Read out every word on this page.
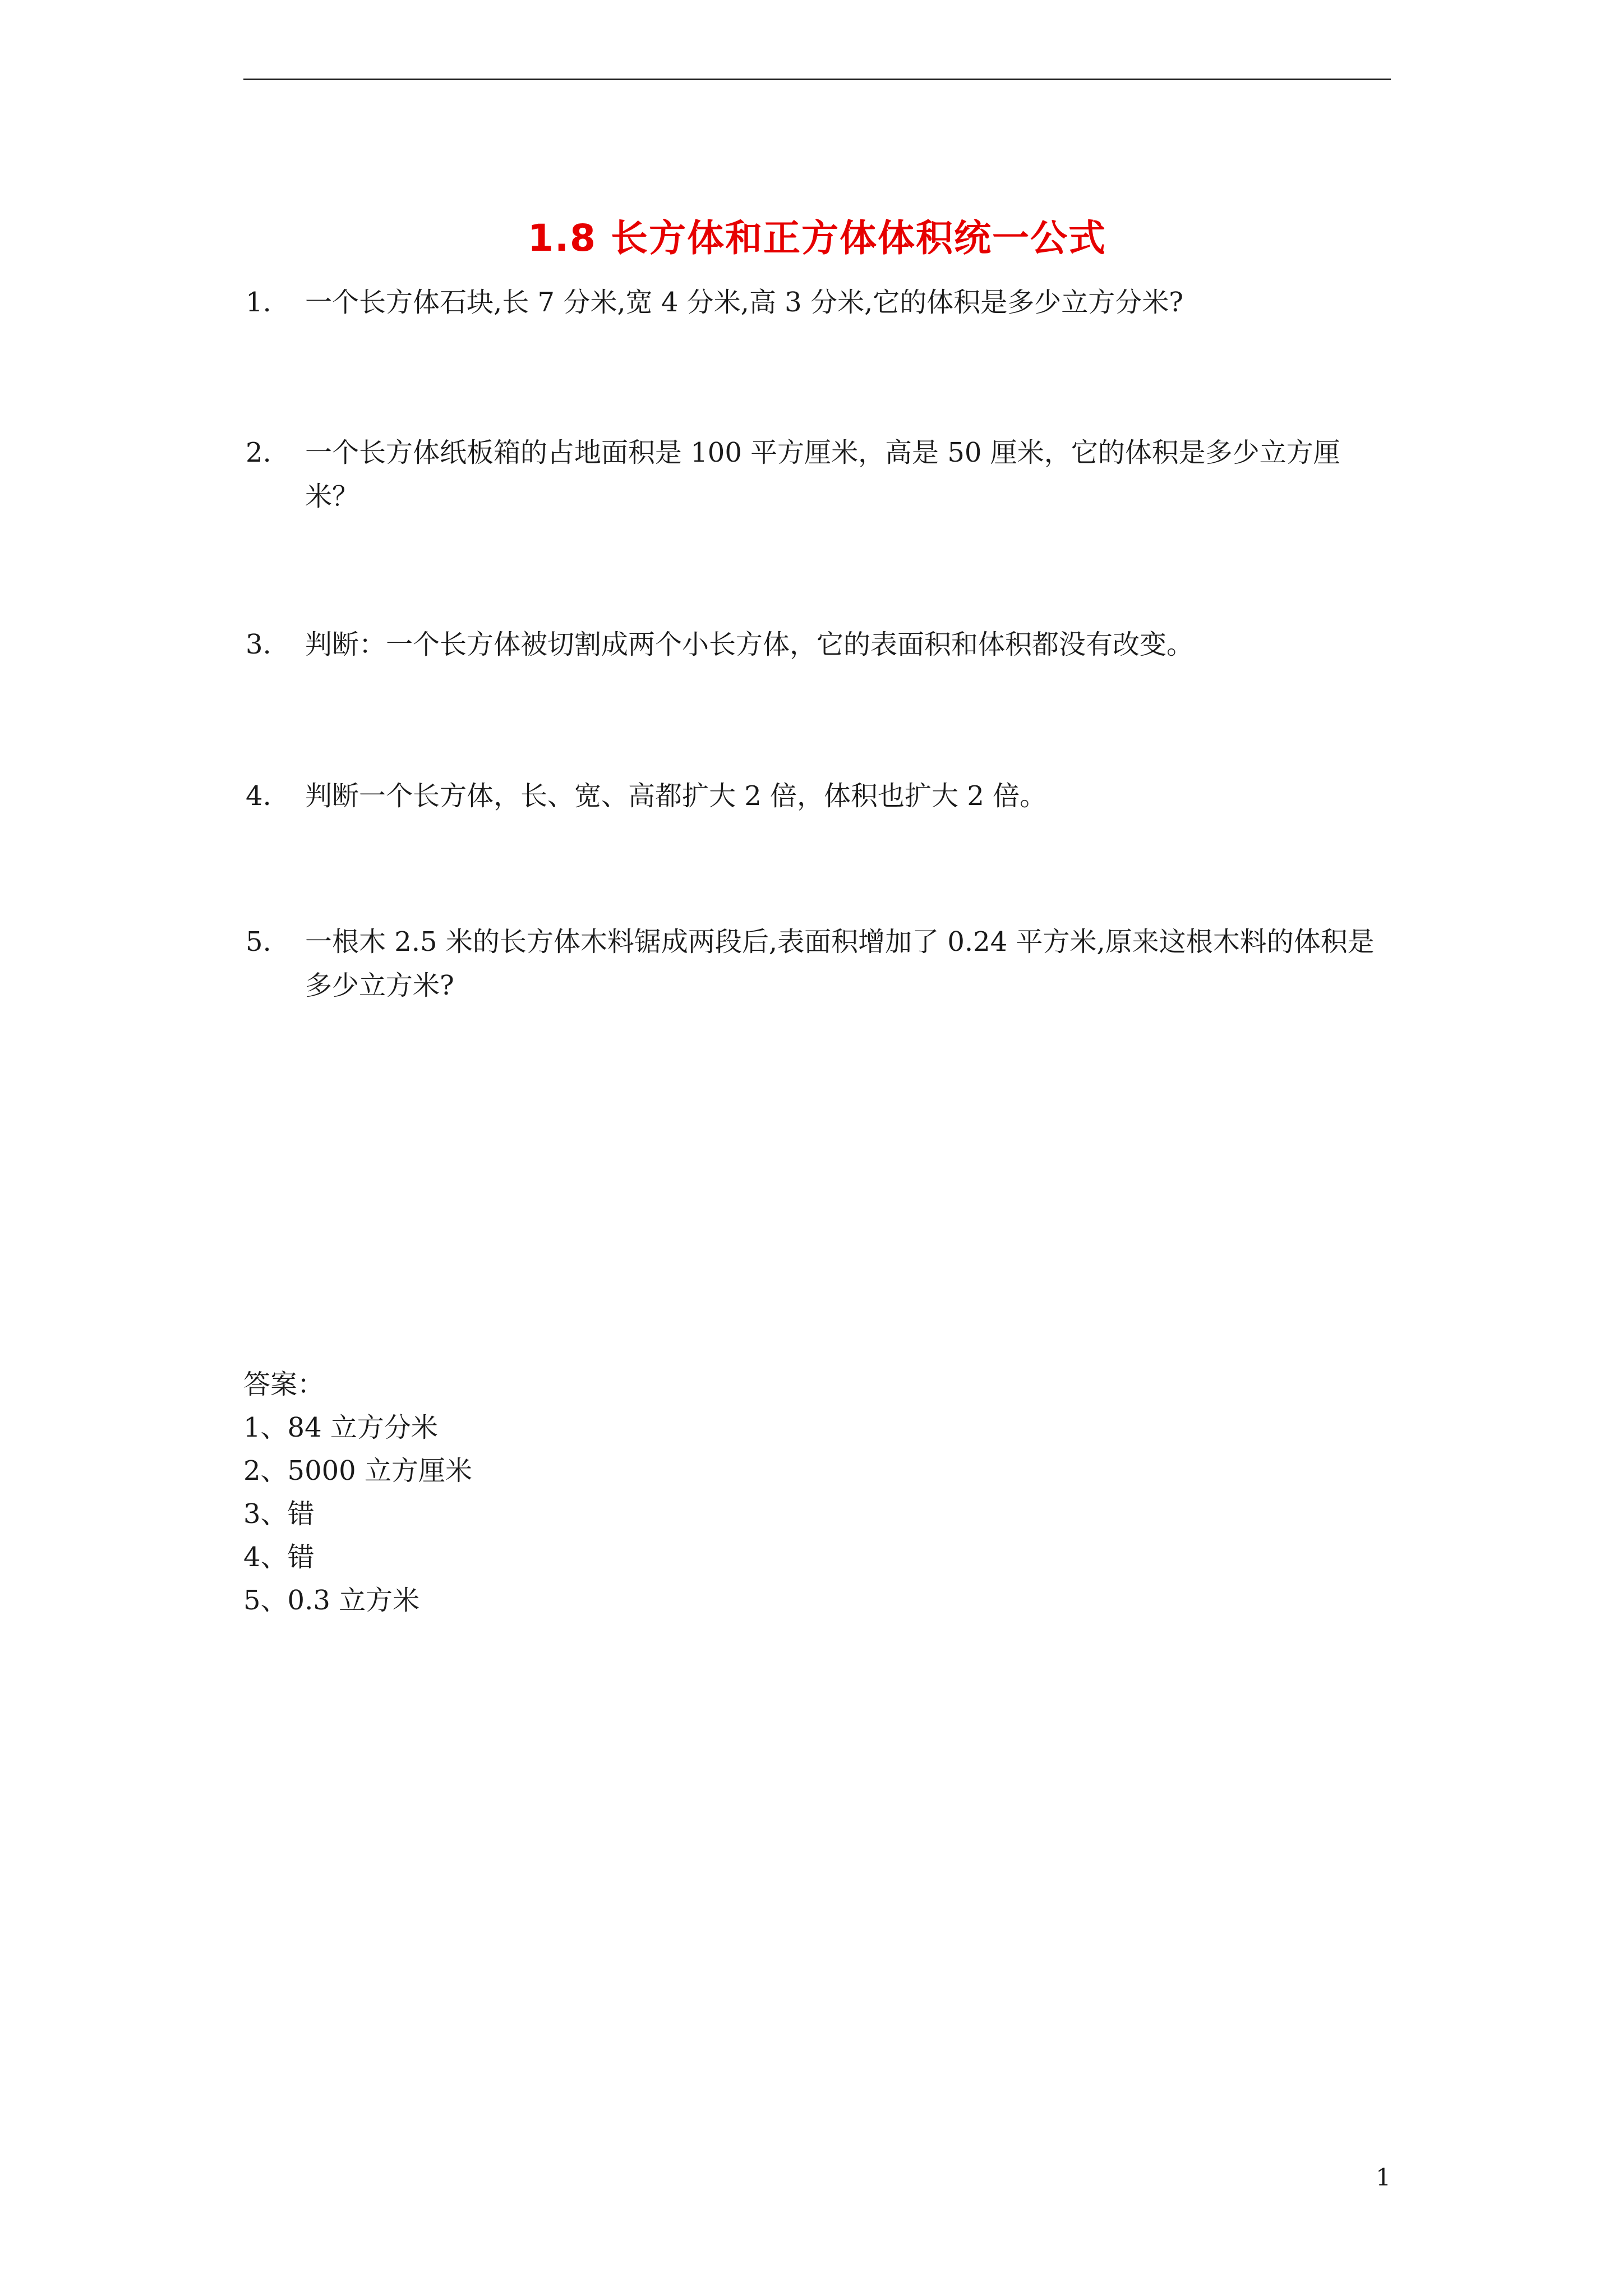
1.8 长方体和正方体体积统一公式
1.	一个长方体石块,长 7 分米,宽 4 分米,高 3 分米,它的体积是多少立方分米?
2.	一个长方体纸板箱的占地面积是 100 平方厘米，高是 50 厘米，它的体积是多少立方厘米？
3.	判断：一个长方体被切割成两个小长方体，它的表面积和体积都没有改变。
4.	判断一个长方体，长、宽、高都扩大 2 倍，体积也扩大 2 倍。
5.	一根木 2.5 米的长方体木料锯成两段后,表面积增加了 0.24 平方米,原来这根木料的体积是多少立方米?
答案：
1、84 立方分米
2、5000 立方厘米
3、错
4、错
5、0.3 立方米
1
